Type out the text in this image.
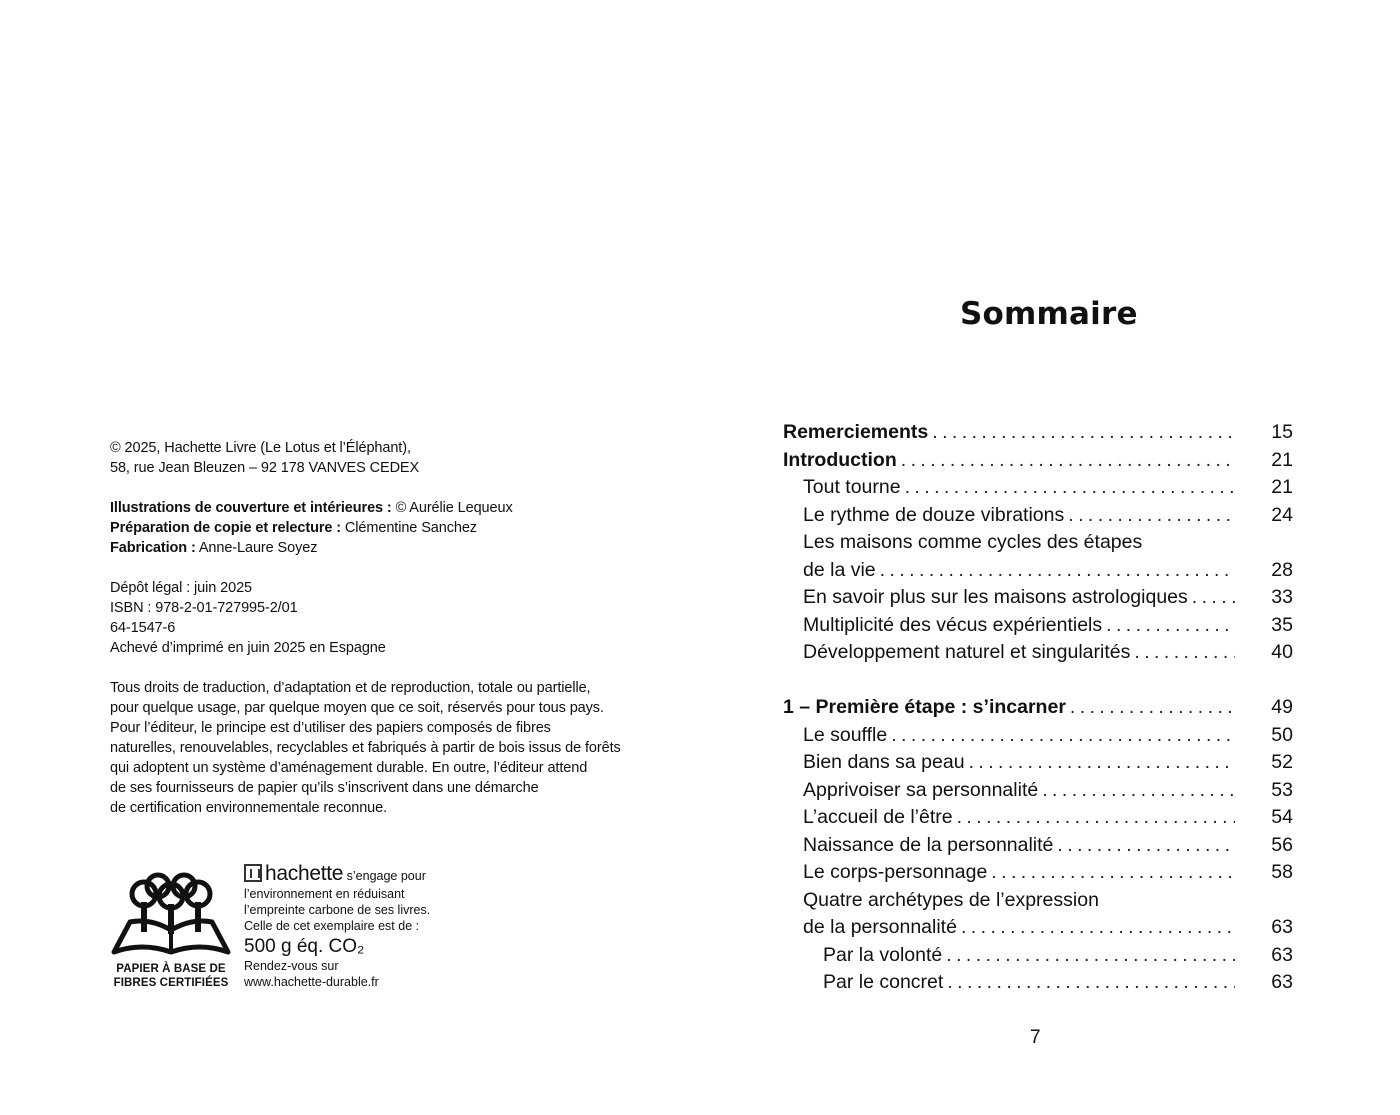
© 2025, Hachette Livre (Le Lotus et l’Éléphant),
58, rue Jean Bleuzen – 92 178 VANVES CEDEX
Illustrations de couverture et intérieures : © Aurélie Lequeux
Préparation de copie et relecture : Clémentine Sanchez
Fabrication : Anne-Laure Soyez
Dépôt légal : juin 2025
ISBN : 978-2-01-727995-2/01
64-1547-6
Achevé d’imprimé en juin 2025 en Espagne
Tous droits de traduction, d’adaptation et de reproduction, totale ou partielle,
pour quelque usage, par quelque moyen que ce soit, réservés pour tous pays.
Pour l’éditeur, le principe est d’utiliser des papiers composés de fibres
naturelles, renouvelables, recyclables et fabriqués à partir de bois issus de forêts
qui adoptent un système d’aménagement durable. En outre, l’éditeur attend
de ses fournisseurs de papier qu’ils s’inscrivent dans une démarche
de certification environnementale reconnue.
PAPIER À BASE DE
FIBRES CERTIFIÉES
hachette s’engage pour
l’environnement en réduisant
l’empreinte carbone de ses livres.
Celle de cet exemplaire est de :
500 g éq. CO₂
Rendez-vous sur
www.hachette-durable.fr
Sommaire
Remerciements . . .	15
Introduction . . .	21
Tout tourne . . .	21
Le rythme de douze vibrations . . .	24
Les maisons comme cycles des étapes
de la vie . . .	28
En savoir plus sur les maisons astrologiques . . .	33
Multiplicité des vécus expérientiels . . .	35
Développement naturel et singularités . . .	40
1 – Première étape : s’incarner . . .	49
Le souffle . . .	50
Bien dans sa peau . . .	52
Apprivoiser sa personnalité . . .	53
L’accueil de l’être . . .	54
Naissance de la personnalité . . .	56
Le corps-personnage . . .	58
Quatre archétypes de l’expression
de la personnalité . . .	63
Par la volonté . . .	63
Par le concret . . .	63
7
